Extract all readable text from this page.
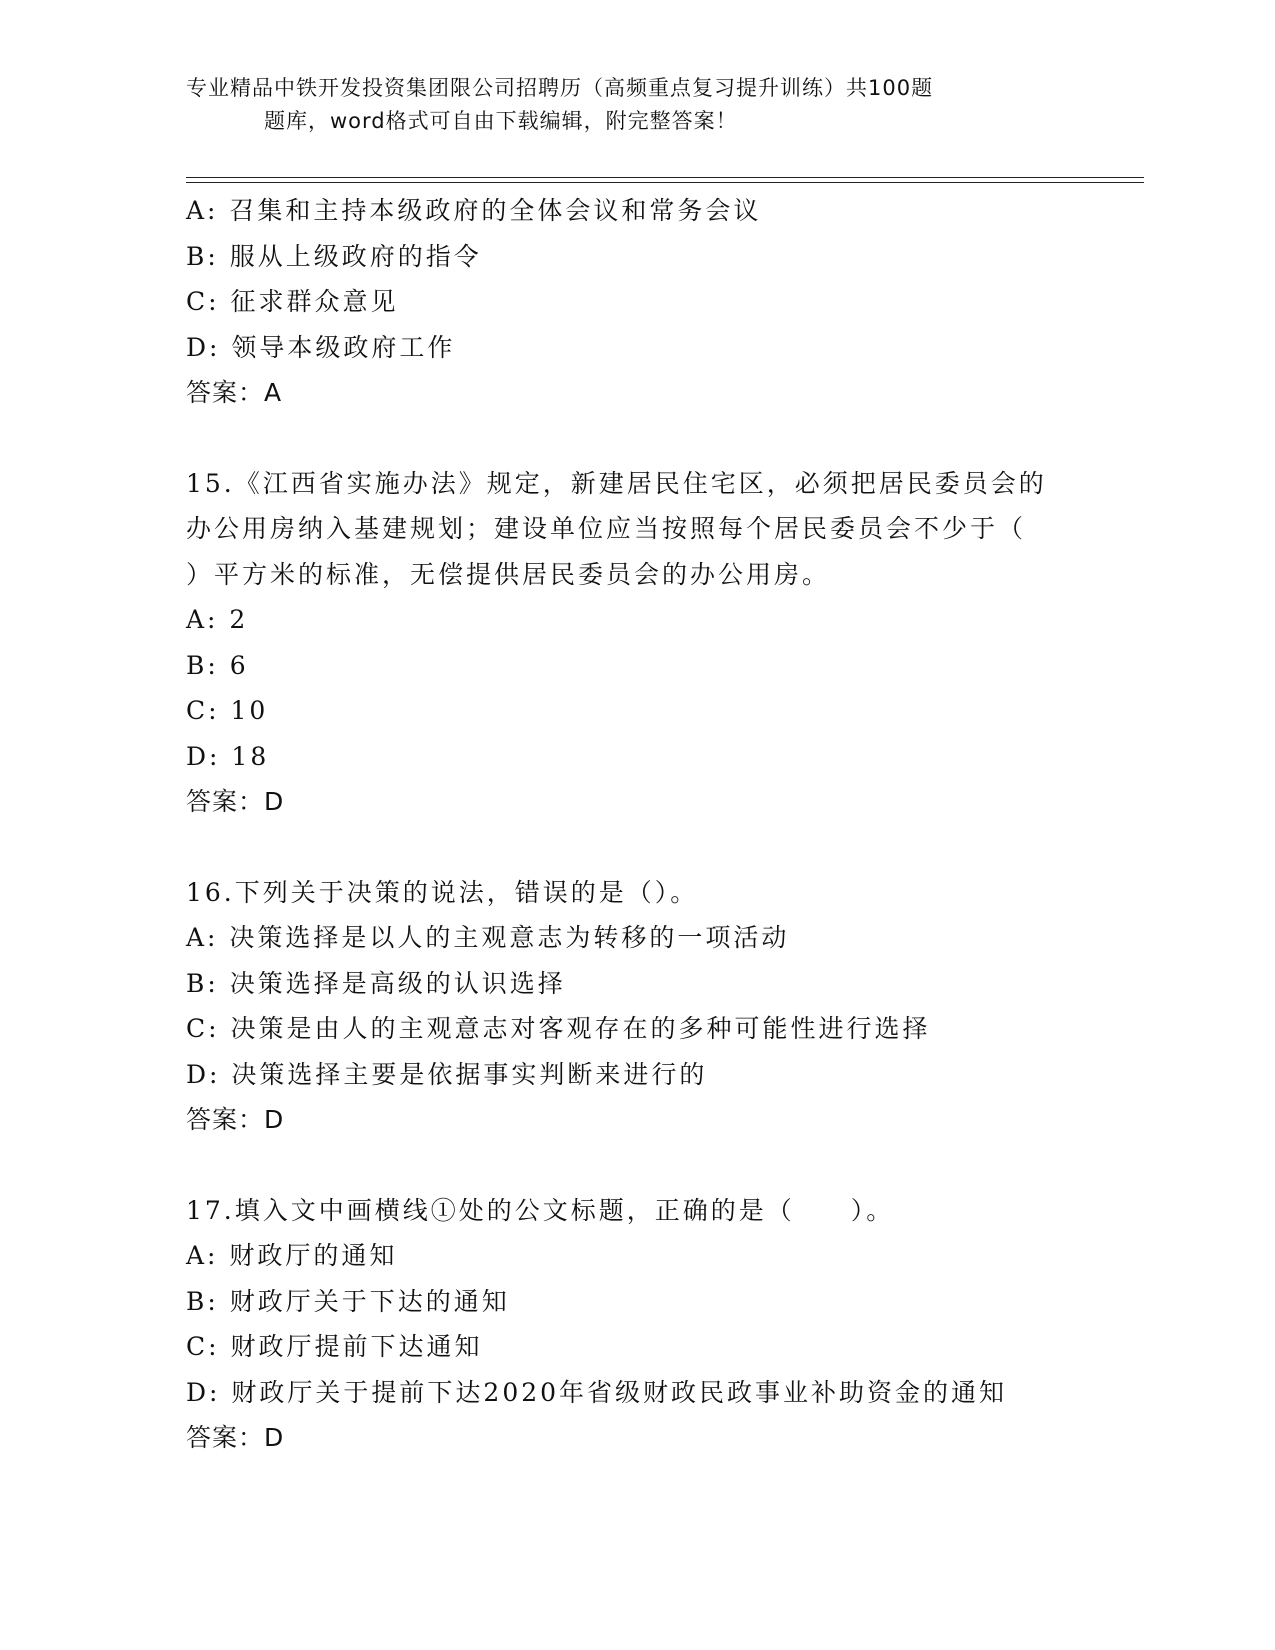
专业精品中铁开发投资集团限公司招聘历（高频重点复习提升训练）共100题
题库，word格式可自由下载编辑，附完整答案！
A: 召集和主持本级政府的全体会议和常务会议
B: 服从上级政府的指令
C: 征求群众意见
D: 领导本级政府工作
答案：A
15.《江西省实施办法》规定，新建居民住宅区，必须把居民委员会的
办公用房纳入基建规划；建设单位应当按照每个居民委员会不少于（
）平方米的标准，无偿提供居民委员会的办公用房。
A: 2
B: 6
C: 10
D: 18
答案：D
16.下列关于决策的说法，错误的是（）。
A: 决策选择是以人的主观意志为转移的一项活动
B: 决策选择是高级的认识选择
C: 决策是由人的主观意志对客观存在的多种可能性进行选择
D: 决策选择主要是依据事实判断来进行的
答案：D
17.填入文中画横线①处的公文标题，正确的是（　　）。
A: 财政厅的通知
B: 财政厅关于下达的通知
C: 财政厅提前下达通知
D: 财政厅关于提前下达2020年省级财政民政事业补助资金的通知
答案：D
